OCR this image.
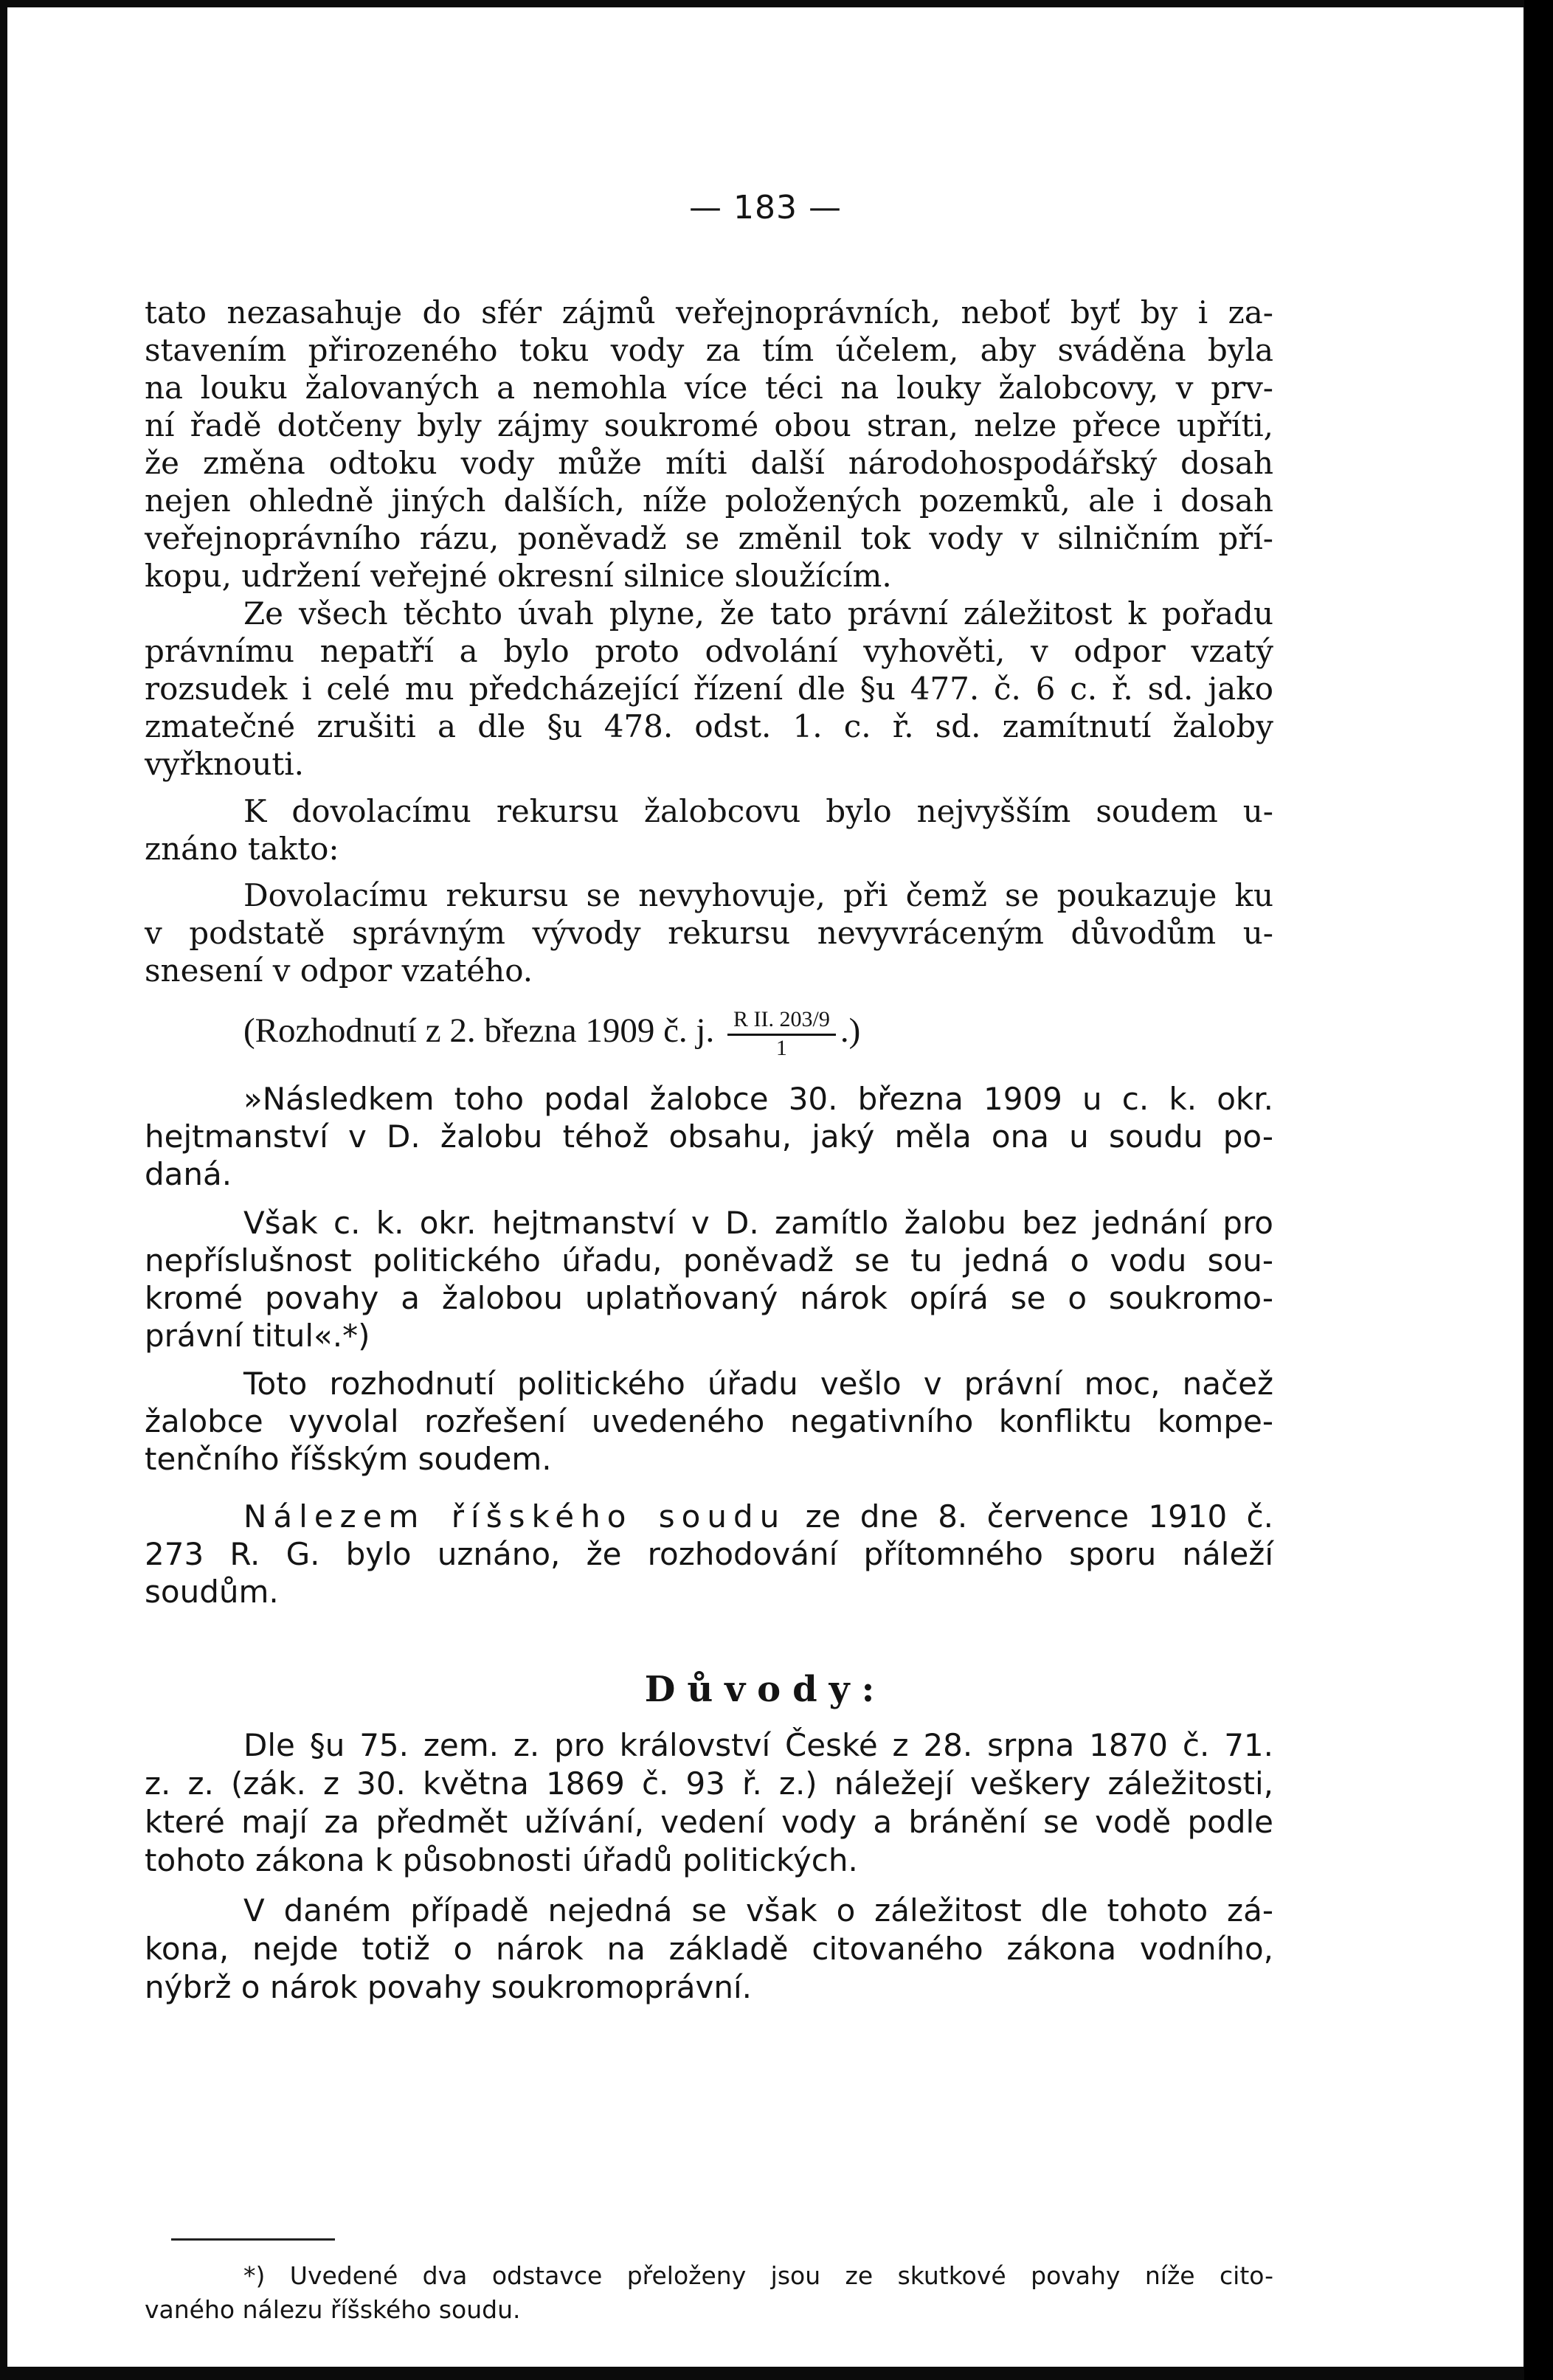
— 183 —
tato nezasahuje do sfér zájmů veřejnoprávních, neboť byť by i za-
stavením přirozeného toku vody za tím účelem, aby sváděna byla
na louku žalovaných a nemohla více téci na louky žalobcovy, v prv-
ní řadě dotčeny byly zájmy soukromé obou stran, nelze přece upříti,
že změna odtoku vody může míti další národohospodářský dosah
nejen ohledně jiných dalších, níže položených pozemků, ale i dosah
veřejnoprávního rázu, poněvadž se změnil tok vody v silničním pří-
kopu, udržení veřejné okresní silnice sloužícím.
Ze všech těchto úvah plyne, že tato právní záležitost k pořadu
právnímu nepatří a bylo proto odvolání vyhověti, v odpor vzatý
rozsudek i celé mu předcházející řízení dle §u 477. č. 6 c. ř. sd. jako
zmatečné zrušiti a dle §u 478. odst. 1. c. ř. sd. zamítnutí žaloby
vyřknouti.
K dovolacímu rekursu žalobcovu bylo nejvyšším soudem u-
znáno takto:
Dovolacímu rekursu se nevyhovuje, při čemž se poukazuje ku
v podstatě správným vývody rekursu nevyvráceným důvodům u-
snesení v odpor vzatého.
(Rozhodnutí z 2. března 1909 č. j. $\frac{\text{R II. 203/9}}{1}$ .)
»Následkem toho podal žalobce 30. března 1909 u c. k. okr.
hejtmanství v D. žalobu téhož obsahu, jaký měla ona u soudu po-
daná.
Však c. k. okr. hejtmanství v D. zamítlo žalobu bez jednání pro
nepříslušnost politického úřadu, poněvadž se tu jedná o vodu sou-
kromé povahy a žalobou uplatňovaný nárok opírá se o soukromo-
právní titul«.*)
Toto rozhodnutí politického úřadu vešlo v právní moc, načež
žalobce vyvolal rozřešení uvedeného negativního konfliktu kompe-
tenčního říšským soudem.
Nálezem říšského soudu ze dne 8. července 1910 č.
273 R. G. bylo uznáno, že rozhodování přítomného sporu náleží
soudům.
Důvody:
Dle §u 75. zem. z. pro království České z 28. srpna 1870 č. 71.
z. z. (zák. z 30. května 1869 č. 93 ř. z.) náležejí veškery záležitosti,
které mají za předmět užívání, vedení vody a bránění se vodě podle
tohoto zákona k působnosti úřadů politických.
V daném případě nejedná se však o záležitost dle tohoto zá-
kona, nejde totiž o nárok na základě citovaného zákona vodního,
nýbrž o nárok povahy soukromoprávní.
*) Uvedené dva odstavce přeloženy jsou ze skutkové povahy níže cito-
vaného nálezu říšského soudu.
